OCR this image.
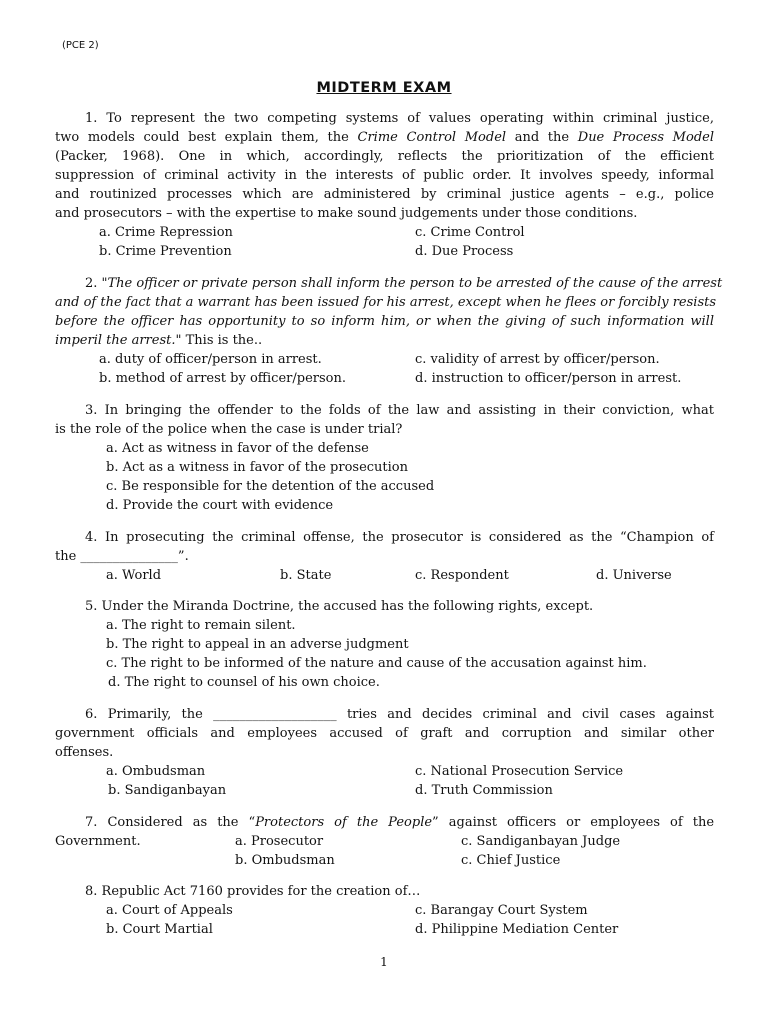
(PCE 2)
MIDTERM EXAM
1. To represent the two competing systems of values operating within criminal justice,
two models could best explain them, the Crime Control Model and the Due Process Model
(Packer, 1968). One in which, accordingly, reflects the prioritization of the efficient
suppression of criminal activity in the interests of public order. It involves speedy, informal
and routinized processes which are administered by criminal justice agents – e.g., police
and prosecutors – with the expertise to make sound judgements under those conditions.
a. Crime Repression	c. Crime Control
b. Crime Prevention	d. Due Process
2. "The officer or private person shall inform the person to be arrested of the cause of the arrest
and of the fact that a warrant has been issued for his arrest, except when he flees or forcibly resists
before the officer has opportunity to so inform him, or when the giving of such information will
imperil the arrest." This is the..
a. duty of officer/person in arrest.	c. validity of arrest by officer/person.
b. method of arrest by officer/person.	d. instruction to officer/person in arrest.
3. In bringing the offender to the folds of the law and assisting in their conviction, what
is the role of the police when the case is under trial?
a. Act as witness in favor of the defense
b. Act as a witness in favor of the prosecution
c. Be responsible for the detention of the accused
d. Provide the court with evidence
4. In prosecuting the criminal offense, the prosecutor is considered as the “Champion of
the _______________”.
a. World	b. State	c. Respondent	d. Universe
5. Under the Miranda Doctrine, the accused has the following rights, except.
a. The right to remain silent.
b. The right to appeal in an adverse judgment
c. The right to be informed of the nature and cause of the accusation against him.
d. The right to counsel of his own choice.
6. Primarily, the ___________________ tries and decides criminal and civil cases against
government officials and employees accused of graft and corruption and similar other
offenses.
a. Ombudsman	c. National Prosecution Service
b. Sandiganbayan	d. Truth Commission
7. Considered as the “Protectors of the People” against officers or employees of the
Government.	a. Prosecutor	c. Sandiganbayan Judge
b. Ombudsman	c. Chief Justice
8. Republic Act 7160 provides for the creation of…
a. Court of Appeals	c. Barangay Court System
b. Court Martial	d. Philippine Mediation Center
1
